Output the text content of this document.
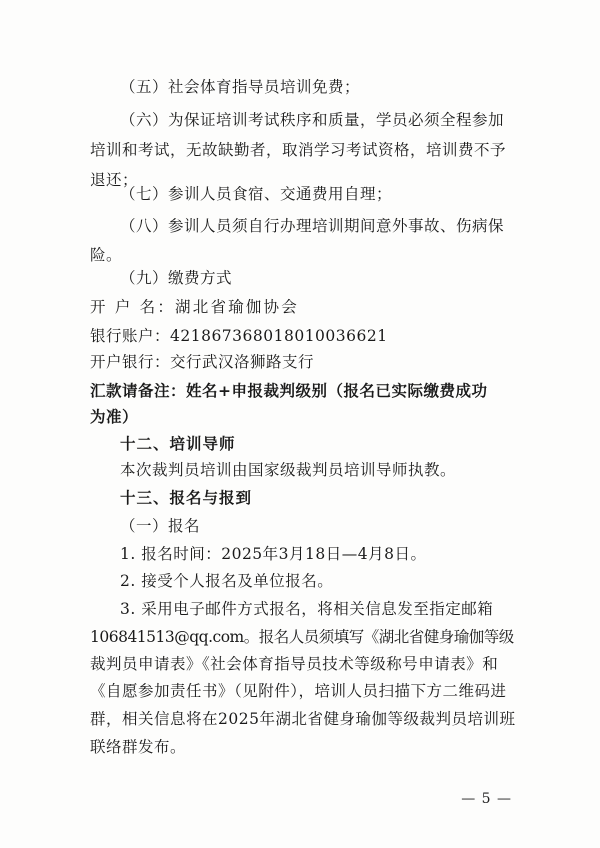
（五）社会体育指导员培训免费；
（六）为保证培训考试秩序和质量，学员必须全程参加
培训和考试，无故缺勤者，取消学习考试资格，培训费不予
退还；
（七）参训人员食宿、交通费用自理；
（八）参训人员须自行办理培训期间意外事故、伤病保
险。
（九）缴费方式
开 户 名：湖北省瑜伽协会
银行账户：421867368018010036621
开户银行：交行武汉洛狮路支行
汇款请备注：姓名+申报裁判级别（报名已实际缴费成功
为准）
十二、培训导师
本次裁判员培训由国家级裁判员培训导师执教。
十三、报名与报到
（一）报名
1. 报名时间：2025年3月18日—4月8日。
2. 接受个人报名及单位报名。
3. 采用电子邮件方式报名，将相关信息发至指定邮箱
106841513@qq.com。报名人员须填写《湖北省健身瑜伽等级
裁判员申请表》《社会体育指导员技术等级称号申请表》和
《自愿参加责任书》（见附件），培训人员扫描下方二维码进
群，相关信息将在2025年湖北省健身瑜伽等级裁判员培训班
联络群发布。
— 5 —
